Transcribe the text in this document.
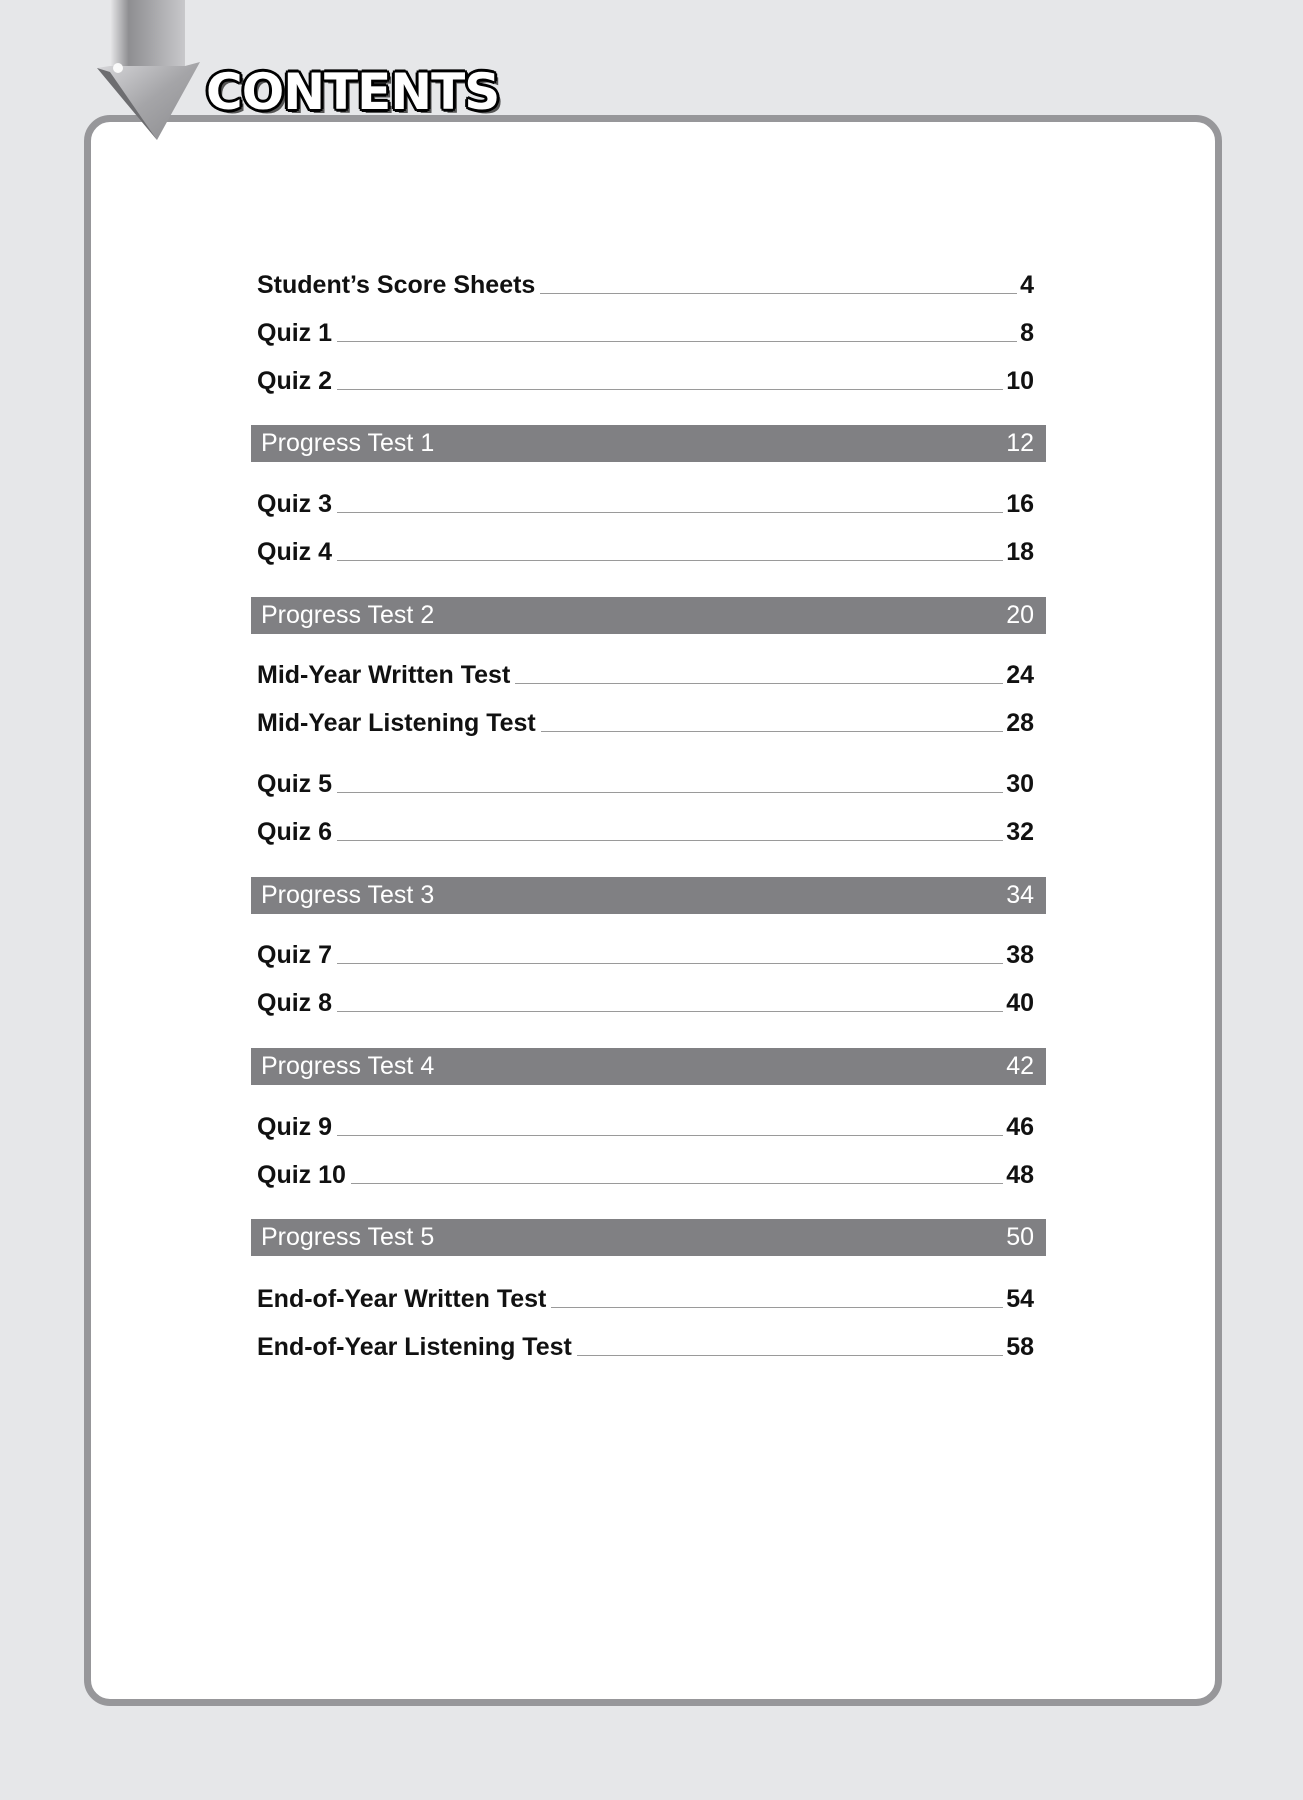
CONTENTS
Student’s Score Sheets	4
Quiz 1	8
Quiz 2	10
Progress Test 1	12
Quiz 3	16
Quiz 4	18
Progress Test 2	20
Mid-Year Written Test	24
Mid-Year Listening Test	28
Quiz 5	30
Quiz 6	32
Progress Test 3	34
Quiz 7	38
Quiz 8	40
Progress Test 4	42
Quiz 9	46
Quiz 10	48
Progress Test 5	50
End-of-Year Written Test	54
End-of-Year Listening Test	58
